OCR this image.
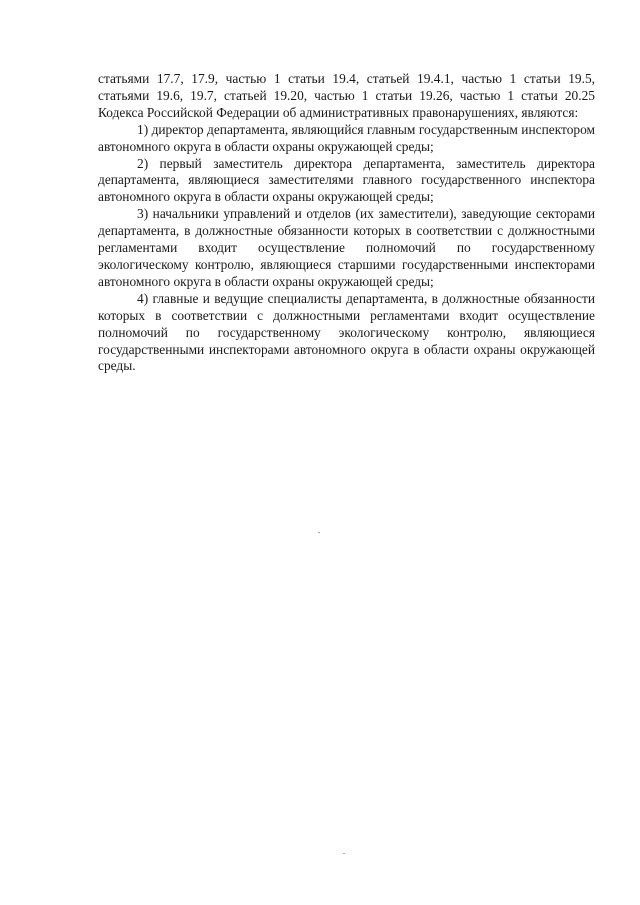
статьями 17.7, 17.9, частью 1 статьи 19.4, статьей 19.4.1, частью 1 статьи 19.5, статьями 19.6, 19.7, статьей 19.20, частью 1 статьи 19.26, частью 1 статьи 20.25 Кодекса Российской Федерации об административных правонарушениях, являются:

1) директор департамента, являющийся главным государственным инспектором автономного округа в области охраны окружающей среды;

2) первый заместитель директора департамента, заместитель директора департамента, являющиеся заместителями главного государственного инспектора автономного округа в области охраны окружающей среды;

3) начальники управлений и отделов (их заместители), заведующие секторами департамента, в должностные обязанности которых в соответствии с должностными регламентами входит осуществление полномочий по государственному экологическому контролю, являющиеся старшими государственными инспекторами автономного округа в области охраны окружающей среды;

4) главные и ведущие специалисты департамента, в должностные обязанности которых в соответствии с должностными регламентами входит осуществление полномочий по государственному экологическому контролю, являющиеся государственными инспекторами автономного округа в области охраны окружающей среды.
